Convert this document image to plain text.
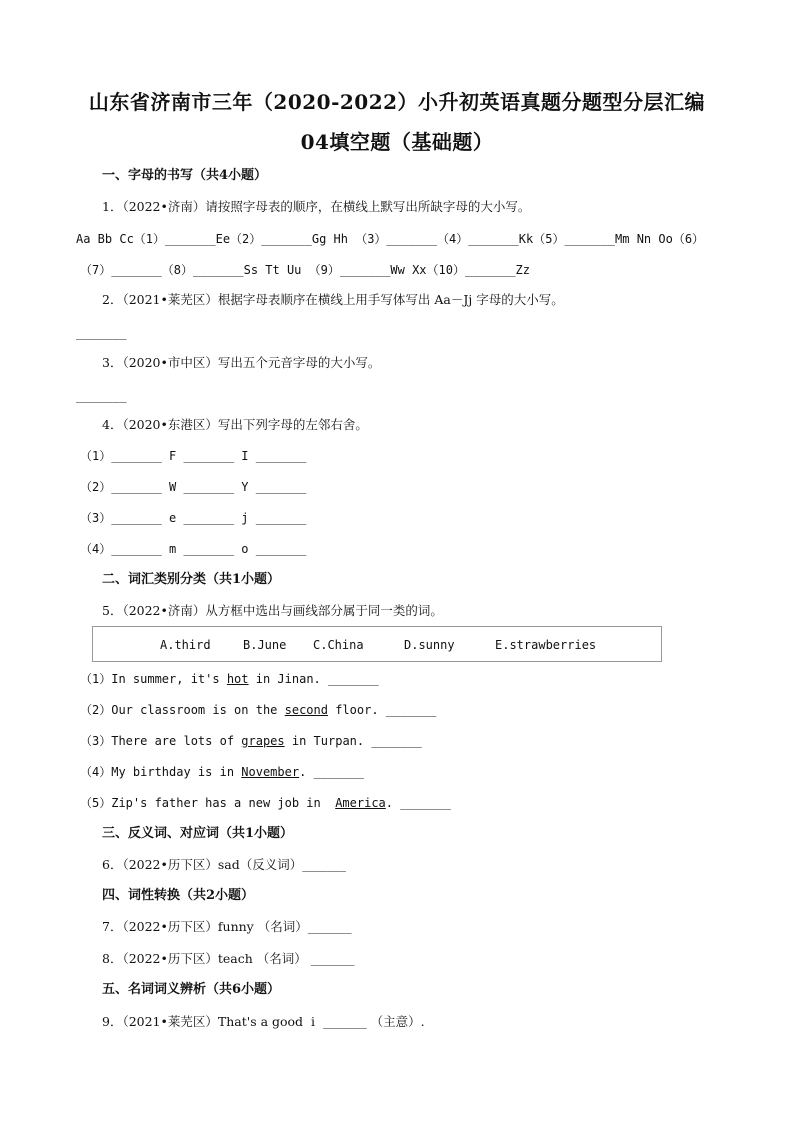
山东省济南市三年（2020-2022）小升初英语真题分题型分层汇编
04填空题（基础题）
一、字母的书写（共4小题）
1．（2022•济南）请按照字母表的顺序，在横线上默写出所缺字母的大小写。
Aa Bb Cc（1）_______Ee（2）_______Gg Hh （3）_______（4）_______Kk（5）_______Mm Nn Oo（6）
（7）_______（8）_______Ss Tt Uu （9）_______Ww Xx（10）_______Zz
2．（2021•莱芜区）根据字母表顺序在横线上用手写体写出 Aa－Jj 字母的大小写。
_______
3．（2020•市中区）写出五个元音字母的大小写。
_______
4．（2020•东港区）写出下列字母的左邻右舍。
（1）_______ F _______ I _______
（2）_______ W _______ Y _______
（3）_______ e _______ j _______
（4）_______ m _______ o _______
二、词汇类别分类（共1小题）
5．（2022•济南）从方框中选出与画线部分属于同一类的词。
A.third	B.June C.China	D.sunny	E.strawberries
（1）In summer, it's hot in Jinan. _______
（2）Our classroom is on the second floor. _______
（3）There are lots of grapes in Turpan. _______
（4）My birthday is in November. _______
（5）Zip's father has a new job in  America. _______
三、反义词、对应词（共1小题）
6．（2022•历下区）sad（反义词）_______
四、词性转换（共2小题）
7．（2022•历下区）funny （名词）_______
8．（2022•历下区）teach （名词） _______
五、名词词义辨析（共6小题）
9．（2021•莱芜区）That's a good  i  _______ （主意）.
